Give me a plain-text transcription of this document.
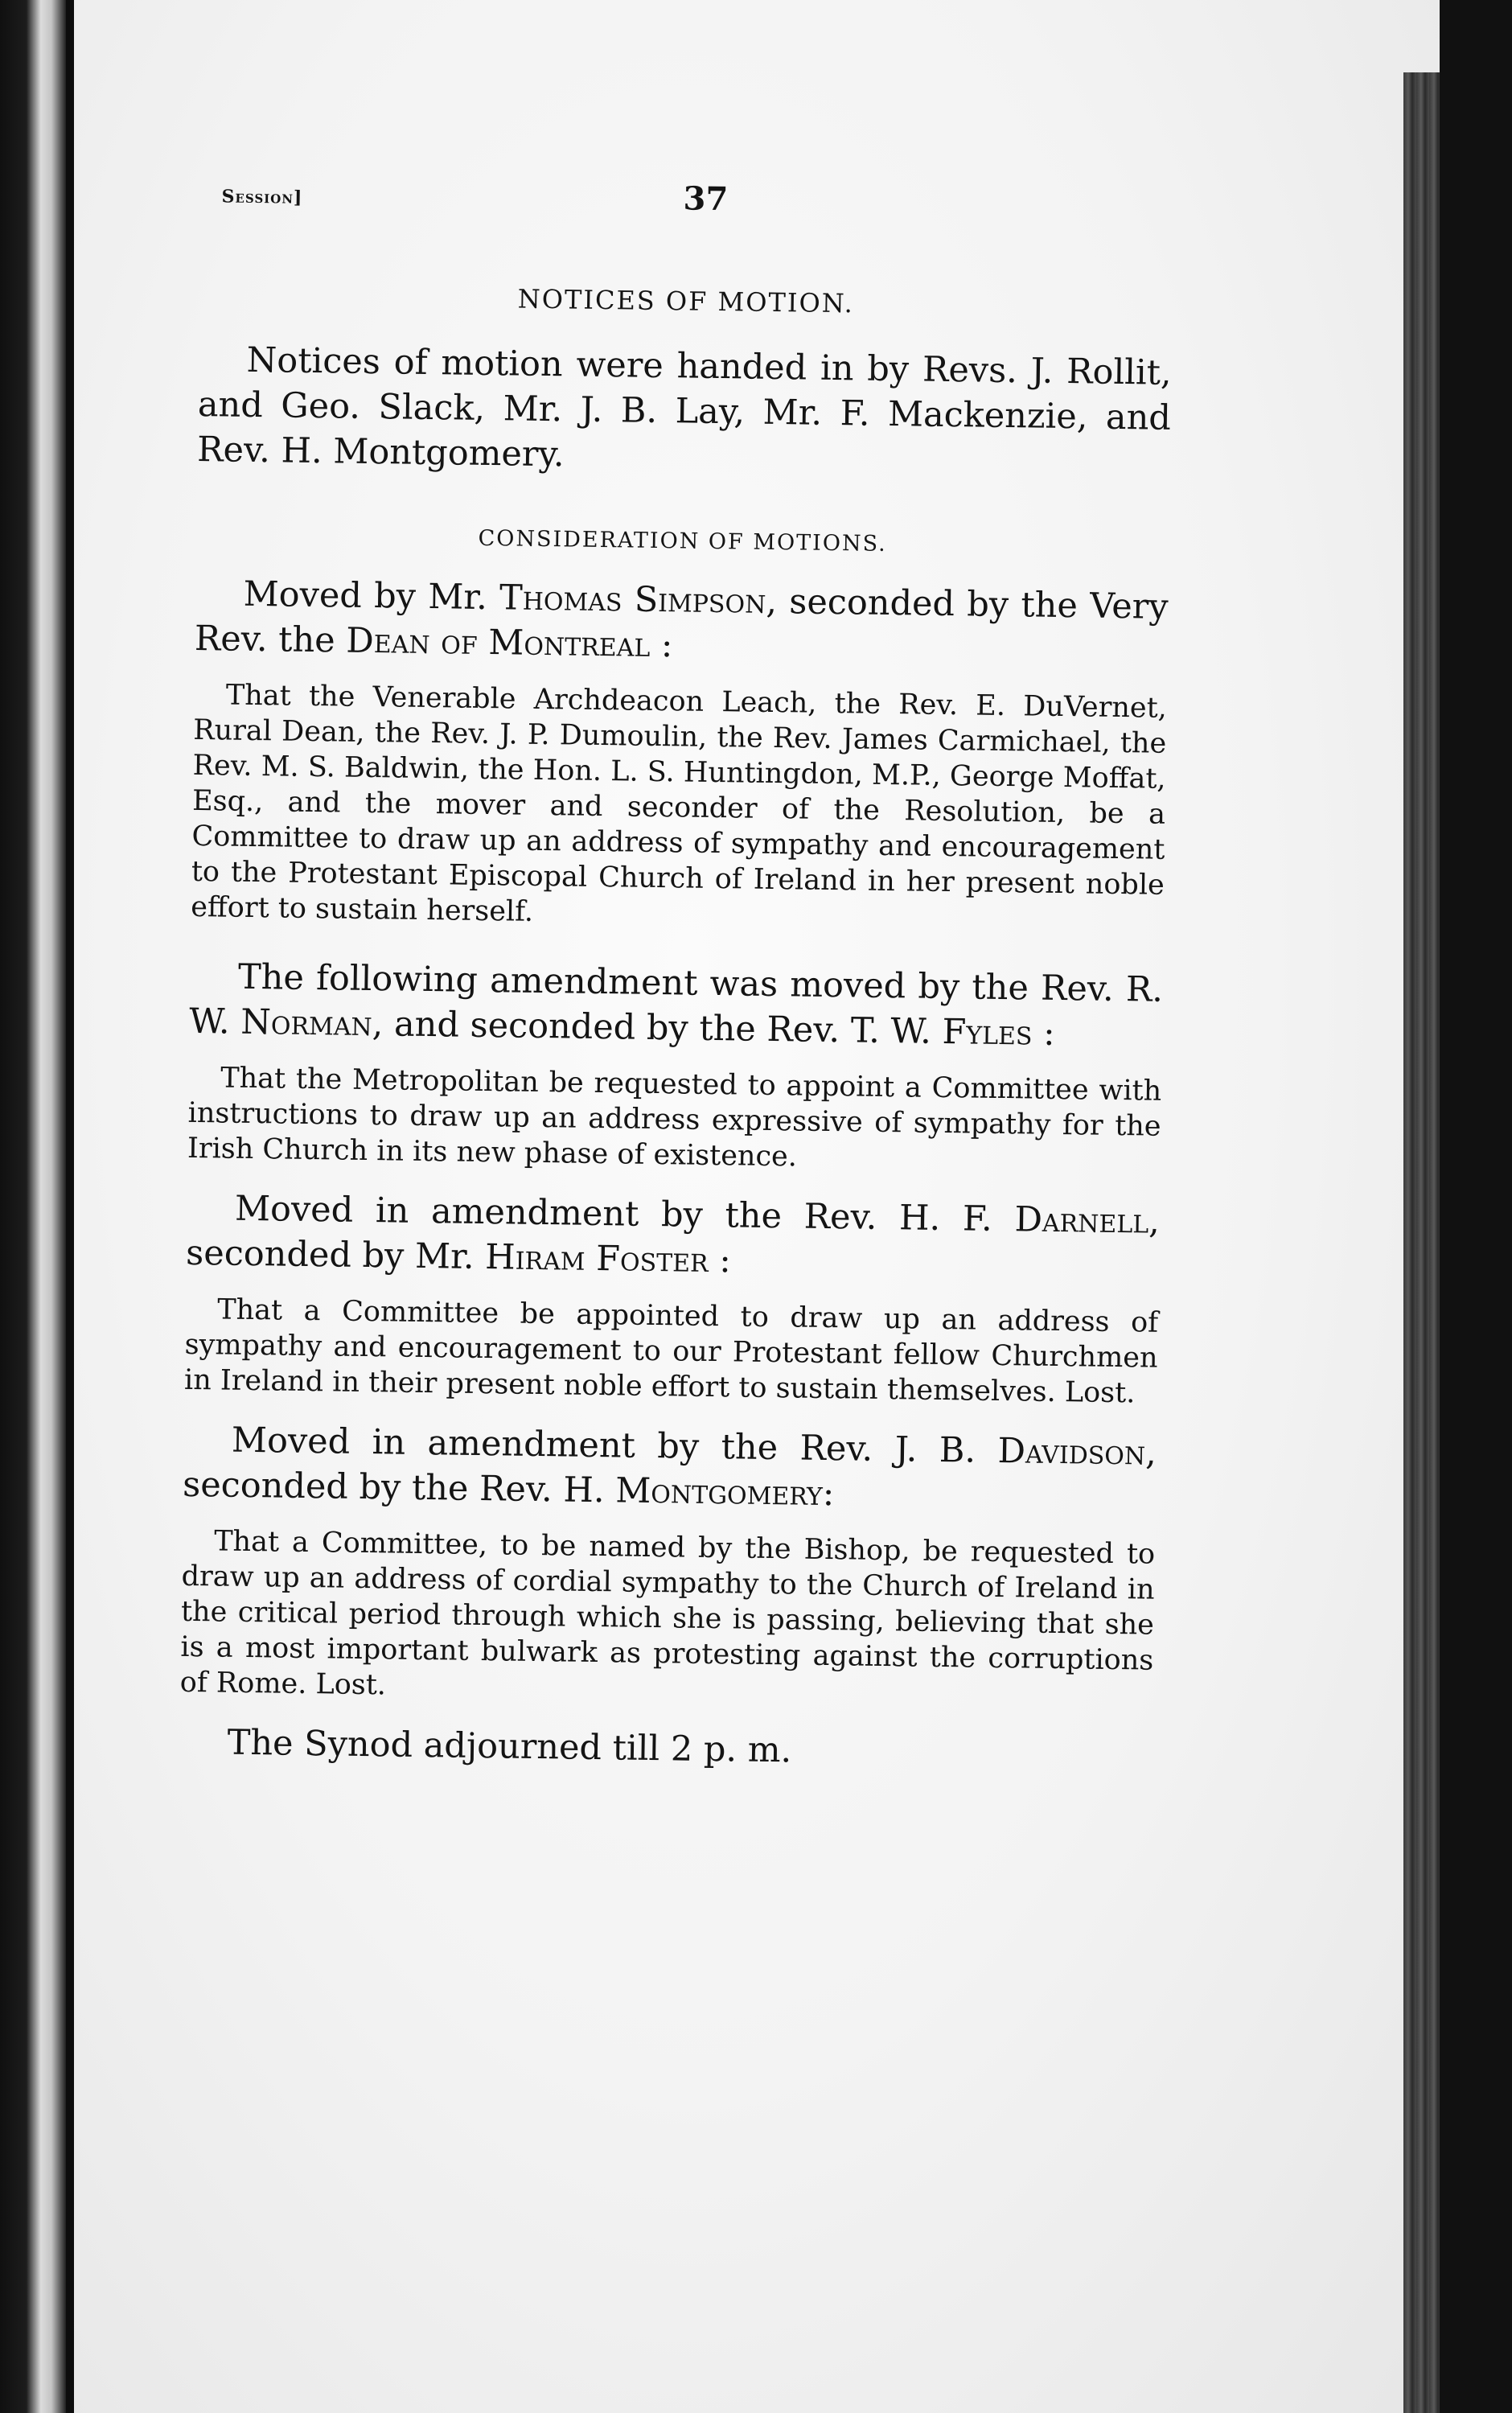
Session]	37
NOTICES OF MOTION.

Notices of motion were handed in by Revs. J. Rollit, and Geo. Slack, Mr. J. B. Lay, Mr. F. Mackenzie, and Rev. H. Montgomery.

CONSIDERATION OF MOTIONS.

Moved by Mr. Thomas Simpson, seconded by the Very Rev. the Dean of Montreal :

That the Venerable Archdeacon Leach, the Rev. E. DuVernet, Rural Dean, the Rev. J. P. Dumoulin, the Rev. James Carmichael, the Rev. M. S. Baldwin, the Hon. L. S. Huntingdon, M.P., George Moffat, Esq., and the mover and seconder of the Resolution, be a Committee to draw up an address of sympathy and encouragement to the Protestant Episcopal Church of Ireland in her present noble effort to sustain herself.

The following amendment was moved by the Rev. R. W. Norman, and seconded by the Rev. T. W. Fyles :

That the Metropolitan be requested to appoint a Committee with instructions to draw up an address expressive of sympathy for the Irish Church in its new phase of existence.

Moved in amendment by the Rev. H. F. Darnell, seconded by Mr. Hiram Foster :

That a Committee be appointed to draw up an address of sympathy and encouragement to our Protestant fellow Churchmen in Ireland in their present noble effort to sustain themselves. Lost.

Moved in amendment by the Rev. J. B. Davidson, seconded by the Rev. H. Montgomery:

That a Committee, to be named by the Bishop, be requested to draw up an address of cordial sympathy to the Church of Ireland in the critical period through which she is passing, believing that she is a most important bulwark as protesting against the corruptions of Rome. Lost.

The Synod adjourned till 2 p. m.
